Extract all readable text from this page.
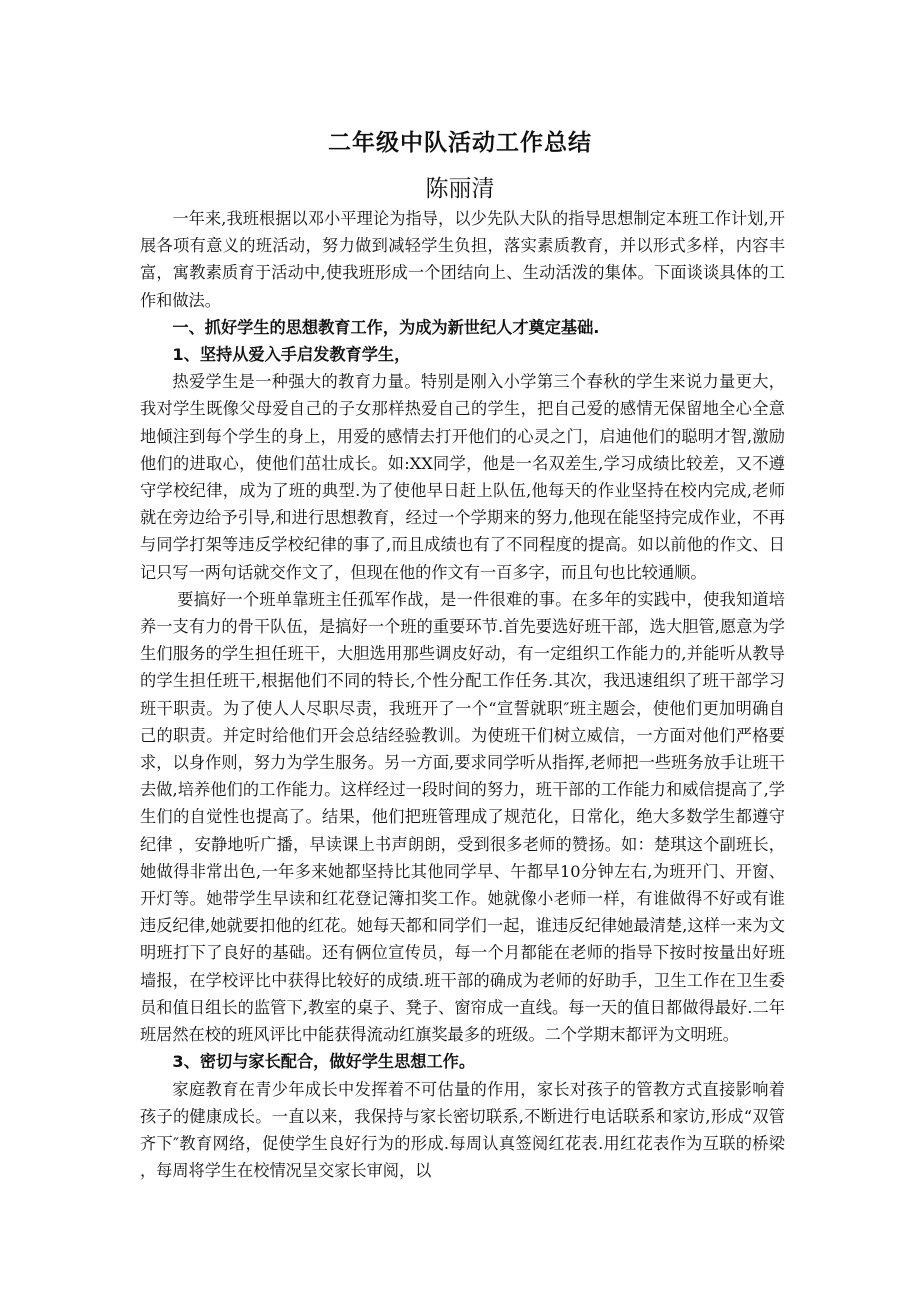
二年级中队活动工作总结
陈丽清

一年来,我班根据以邓小平理论为指导，以少先队大队的指导思想制定本班工作计划,开展各项有意义的班活动，努力做到减轻学生负担，落实素质教育，并以形式多样，内容丰富，寓教素质育于活动中,使我班形成一个团结向上、生动活泼的集体。下面谈谈具体的工作和做法。

一、抓好学生的思想教育工作，为成为新世纪人才奠定基础.
1、坚持从爱入手启发教育学生，

热爱学生是一种强大的教育力量。特别是刚入小学第三个春秋的学生来说力量更大，我对学生既像父母爱自己的子女那样热爱自己的学生，把自己爱的感情无保留地全心全意地倾注到每个学生的身上，用爱的感情去打开他们的心灵之门，启迪他们的聪明才智,激励他们的进取心，使他们茁壮成长。如:XX同学，他是一名双差生,学习成绩比较差，又不遵守学校纪律，成为了班的典型.为了使他早日赶上队伍,他每天的作业坚持在校内完成,老师就在旁边给予引导,和进行思想教育，经过一个学期来的努力,他现在能坚持完成作业，不再与同学打架等违反学校纪律的事了,而且成绩也有了不同程度的提高。如以前他的作文、日记只写一两句话就交作文了，但现在他的作文有一百多字，而且句也比较通顺。

要搞好一个班单靠班主任孤军作战，是一件很难的事。在多年的实践中，使我知道培养一支有力的骨干队伍，是搞好一个班的重要环节.首先要选好班干部，选大胆管,愿意为学生们服务的学生担任班干，大胆选用那些调皮好动，有一定组织工作能力的,并能听从教导的学生担任班干,根据他们不同的特长,个性分配工作任务.其次，我迅速组织了班干部学习班干职责。为了使人人尽职尽责，我班开了一个“宣誓就职″班主题会，使他们更加明确自己的职责。并定时给他们开会总结经验教训。为使班干们树立威信，一方面对他们严格要求，以身作则，努力为学生服务。另一方面,要求同学听从指挥,老师把一些班务放手让班干去做,培养他们的工作能力。这样经过一段时间的努力，班干部的工作能力和威信提高了,学生们的自觉性也提高了。结果，他们把班管理成了规范化，日常化，绝大多数学生都遵守纪律 ，安静地听广播，早读课上书声朗朗，受到很多老师的赞扬。如：楚琪这个副班长，她做得非常出色,一年多来她都坚持比其他同学早、午都早10分钟左右,为班开门、开窗、开灯等。她带学生早读和红花登记簿扣奖工作。她就像小老师一样，有谁做得不好或有谁违反纪律,她就要扣他的红花。她每天都和同学们一起，谁违反纪律她最清楚,这样一来为文明班打下了良好的基础。还有俩位宣传员，每一个月都能在老师的指导下按时按量出好班墙报，在学校评比中获得比较好的成绩.班干部的确成为老师的好助手，卫生工作在卫生委员和值日组长的监管下,教室的桌子、凳子、窗帘成一直线。每一天的值日都做得最好.二年班居然在校的班风评比中能获得流动红旗奖最多的班级。二个学期末都评为文明班。

3、密切与家长配合，做好学生思想工作。

家庭教育在青少年成长中发挥着不可估量的作用，家长对孩子的管教方式直接影响着孩子的健康成长。一直以来，我保持与家长密切联系,不断进行电话联系和家访,形成“双管齐下″教育网络，促使学生良好行为的形成.每周认真签阅红花表.用红花表作为互联的桥梁 ，每周将学生在校情况呈交家长审阅，以
